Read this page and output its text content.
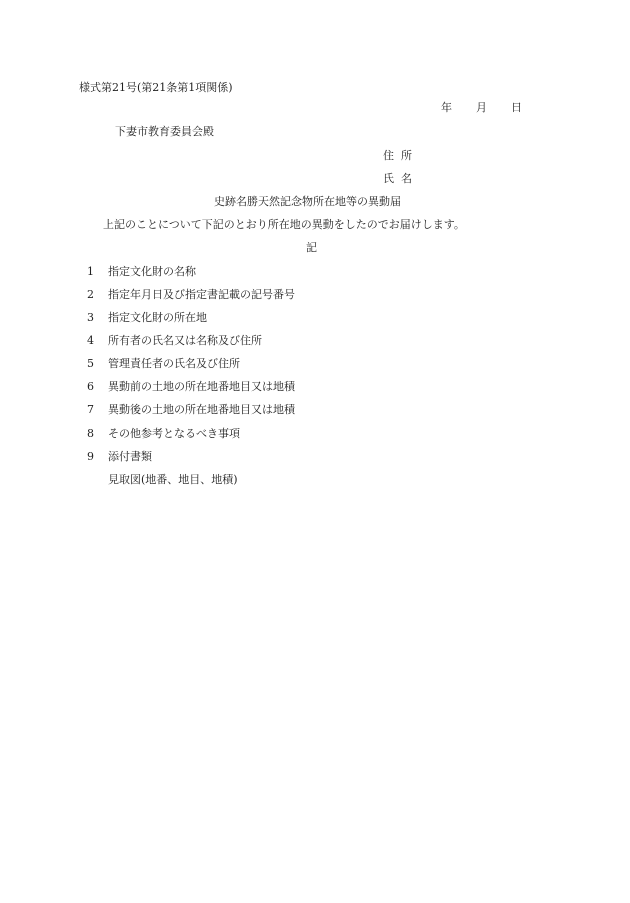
様式第21号(第21条第1項関係)
年 月 日
下妻市教育委員会殿
住所
氏名
史跡名勝天然記念物所在地等の異動届
上記のことについて下記のとおり所在地の異動をしたのでお届けします。
記
1 指定文化財の名称
2 指定年月日及び指定書記載の記号番号
3 指定文化財の所在地
4 所有者の氏名又は名称及び住所
5 管理責任者の氏名及び住所
6 異動前の土地の所在地番地目又は地積
7 異動後の土地の所在地番地目又は地積
8 その他参考となるべき事項
9 添付書類
見取図(地番、地目、地積)
